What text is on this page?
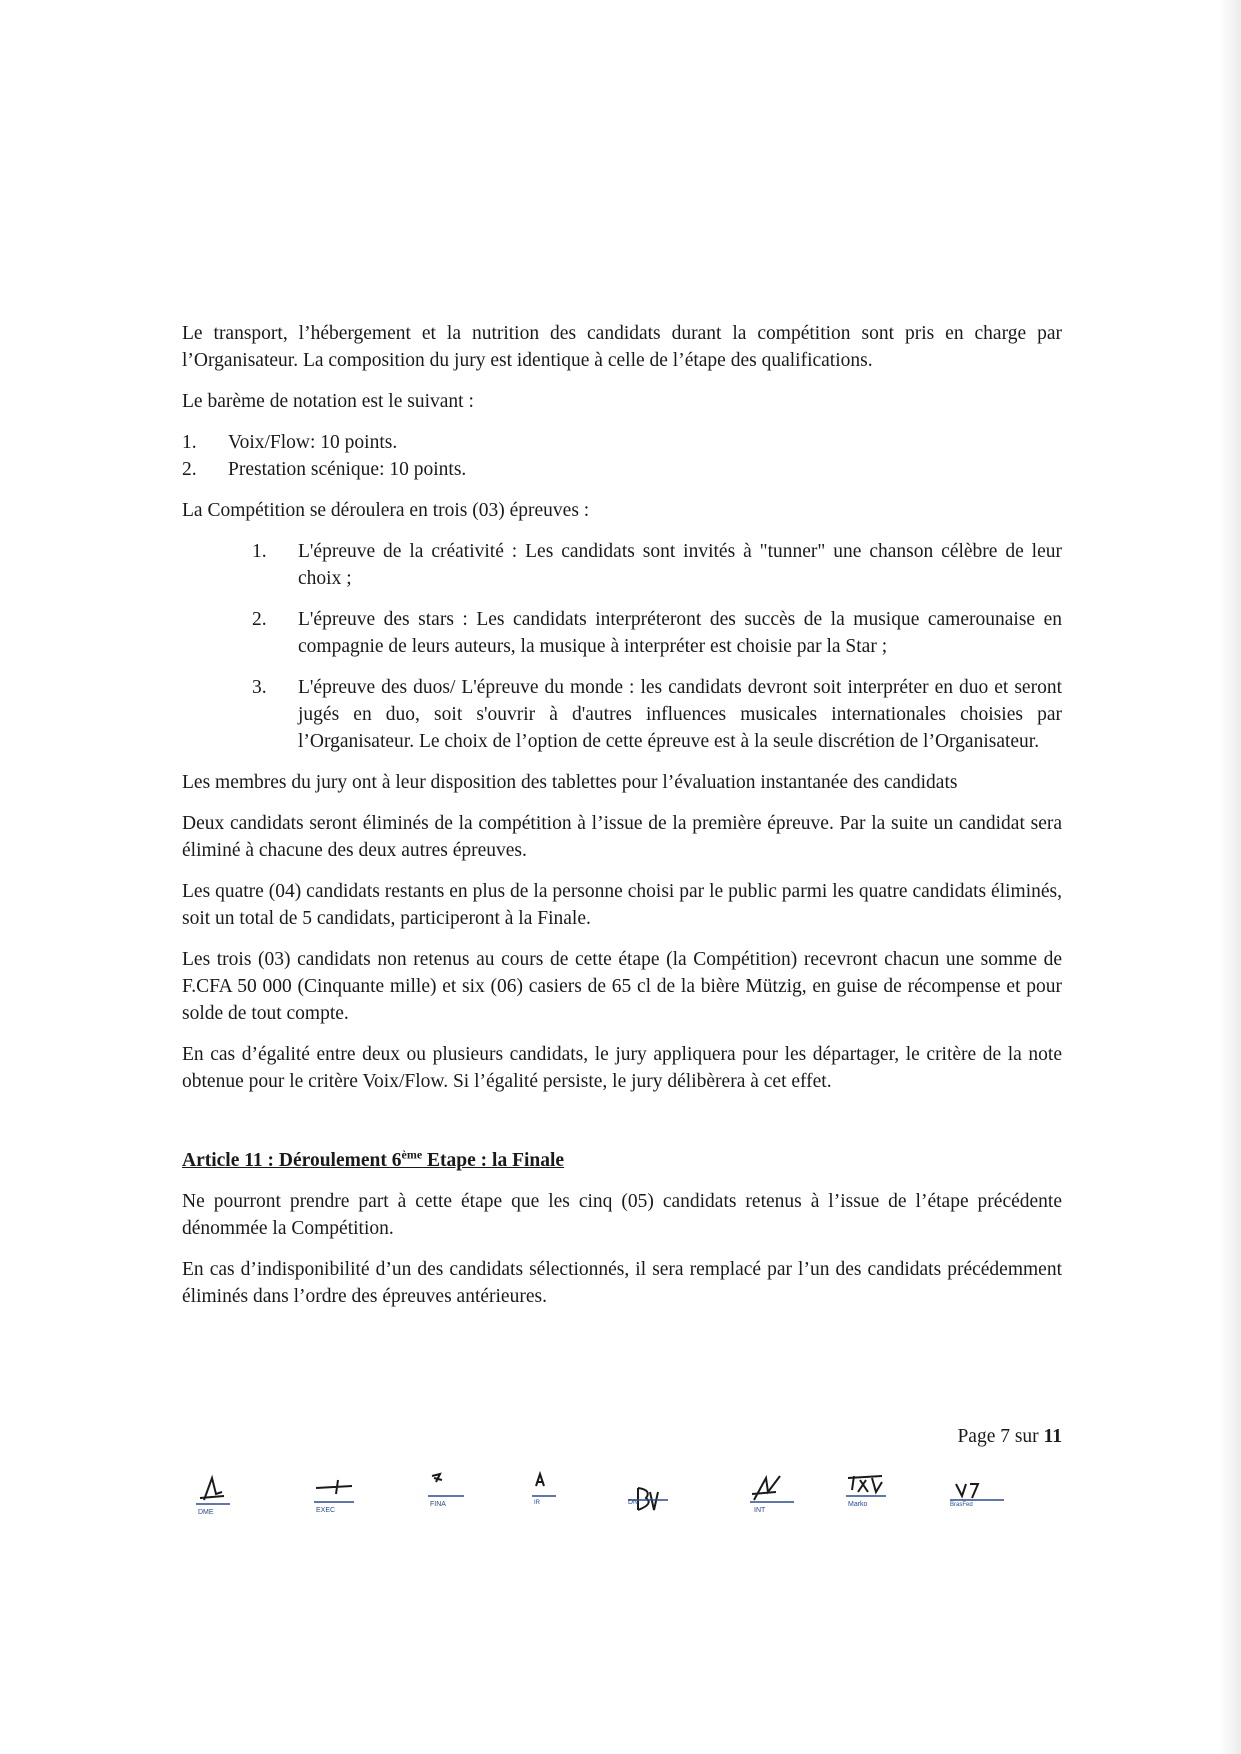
Le transport, l’hébergement et la nutrition des candidats durant la compétition sont pris en charge par l’Organisateur. La composition du jury est identique à celle de l’étape des qualifications.

Le barème de notation est le suivant :

1.	Voix/Flow: 10 points.
2.	Prestation scénique: 10 points.

La Compétition se déroulera en trois (03) épreuves :

1.	L'épreuve de la créativité : Les candidats sont invités à "tunner" une chanson célèbre de leur choix ;
2.	L'épreuve des stars : Les candidats interpréteront des succès de la musique camerounaise en compagnie de leurs auteurs, la musique à interpréter est choisie par la Star ;
3.	L'épreuve des duos/ L'épreuve du monde : les candidats devront soit interpréter en duo et seront jugés en duo, soit s'ouvrir à d'autres influences musicales internationales choisies par l’Organisateur. Le choix de l’option de cette épreuve est à la seule discrétion de l’Organisateur.

Les membres du jury ont à leur disposition des tablettes pour l’évaluation instantanée des candidats

Deux candidats seront éliminés de la compétition à l’issue de la première épreuve. Par la suite un candidat sera éliminé à chacune des deux autres épreuves.

Les quatre (04) candidats restants en plus de la personne choisi par le public parmi les quatre candidats éliminés, soit un total de 5 candidats, participeront à la Finale.

Les trois (03) candidats non retenus au cours de cette étape (la Compétition) recevront chacun une somme de F.CFA 50 000 (Cinquante mille) et six (06) casiers de 65 cl de la bière Mützig, en guise de récompense et pour solde de tout compte.

En cas d’égalité entre deux ou plusieurs candidats, le jury appliquera pour les départager, le critère de la note obtenue pour le critère Voix/Flow. Si l’égalité persiste, le jury délibèrera à cet effet.

Article 11 : Déroulement 6ème Etape : la Finale

Ne pourront prendre part à cette étape que les cinq (05) candidats retenus à l’issue de l’étape précédente dénommée la Compétition.

En cas d’indisponibilité d’un des candidats sélectionnés, il sera remplacé par l’un des candidats précédemment éliminés dans l’ordre des épreuves antérieures.

Page 7 sur 11
DME	EXEC
FINA	IR	DN
INT
Marko	BrasFed
